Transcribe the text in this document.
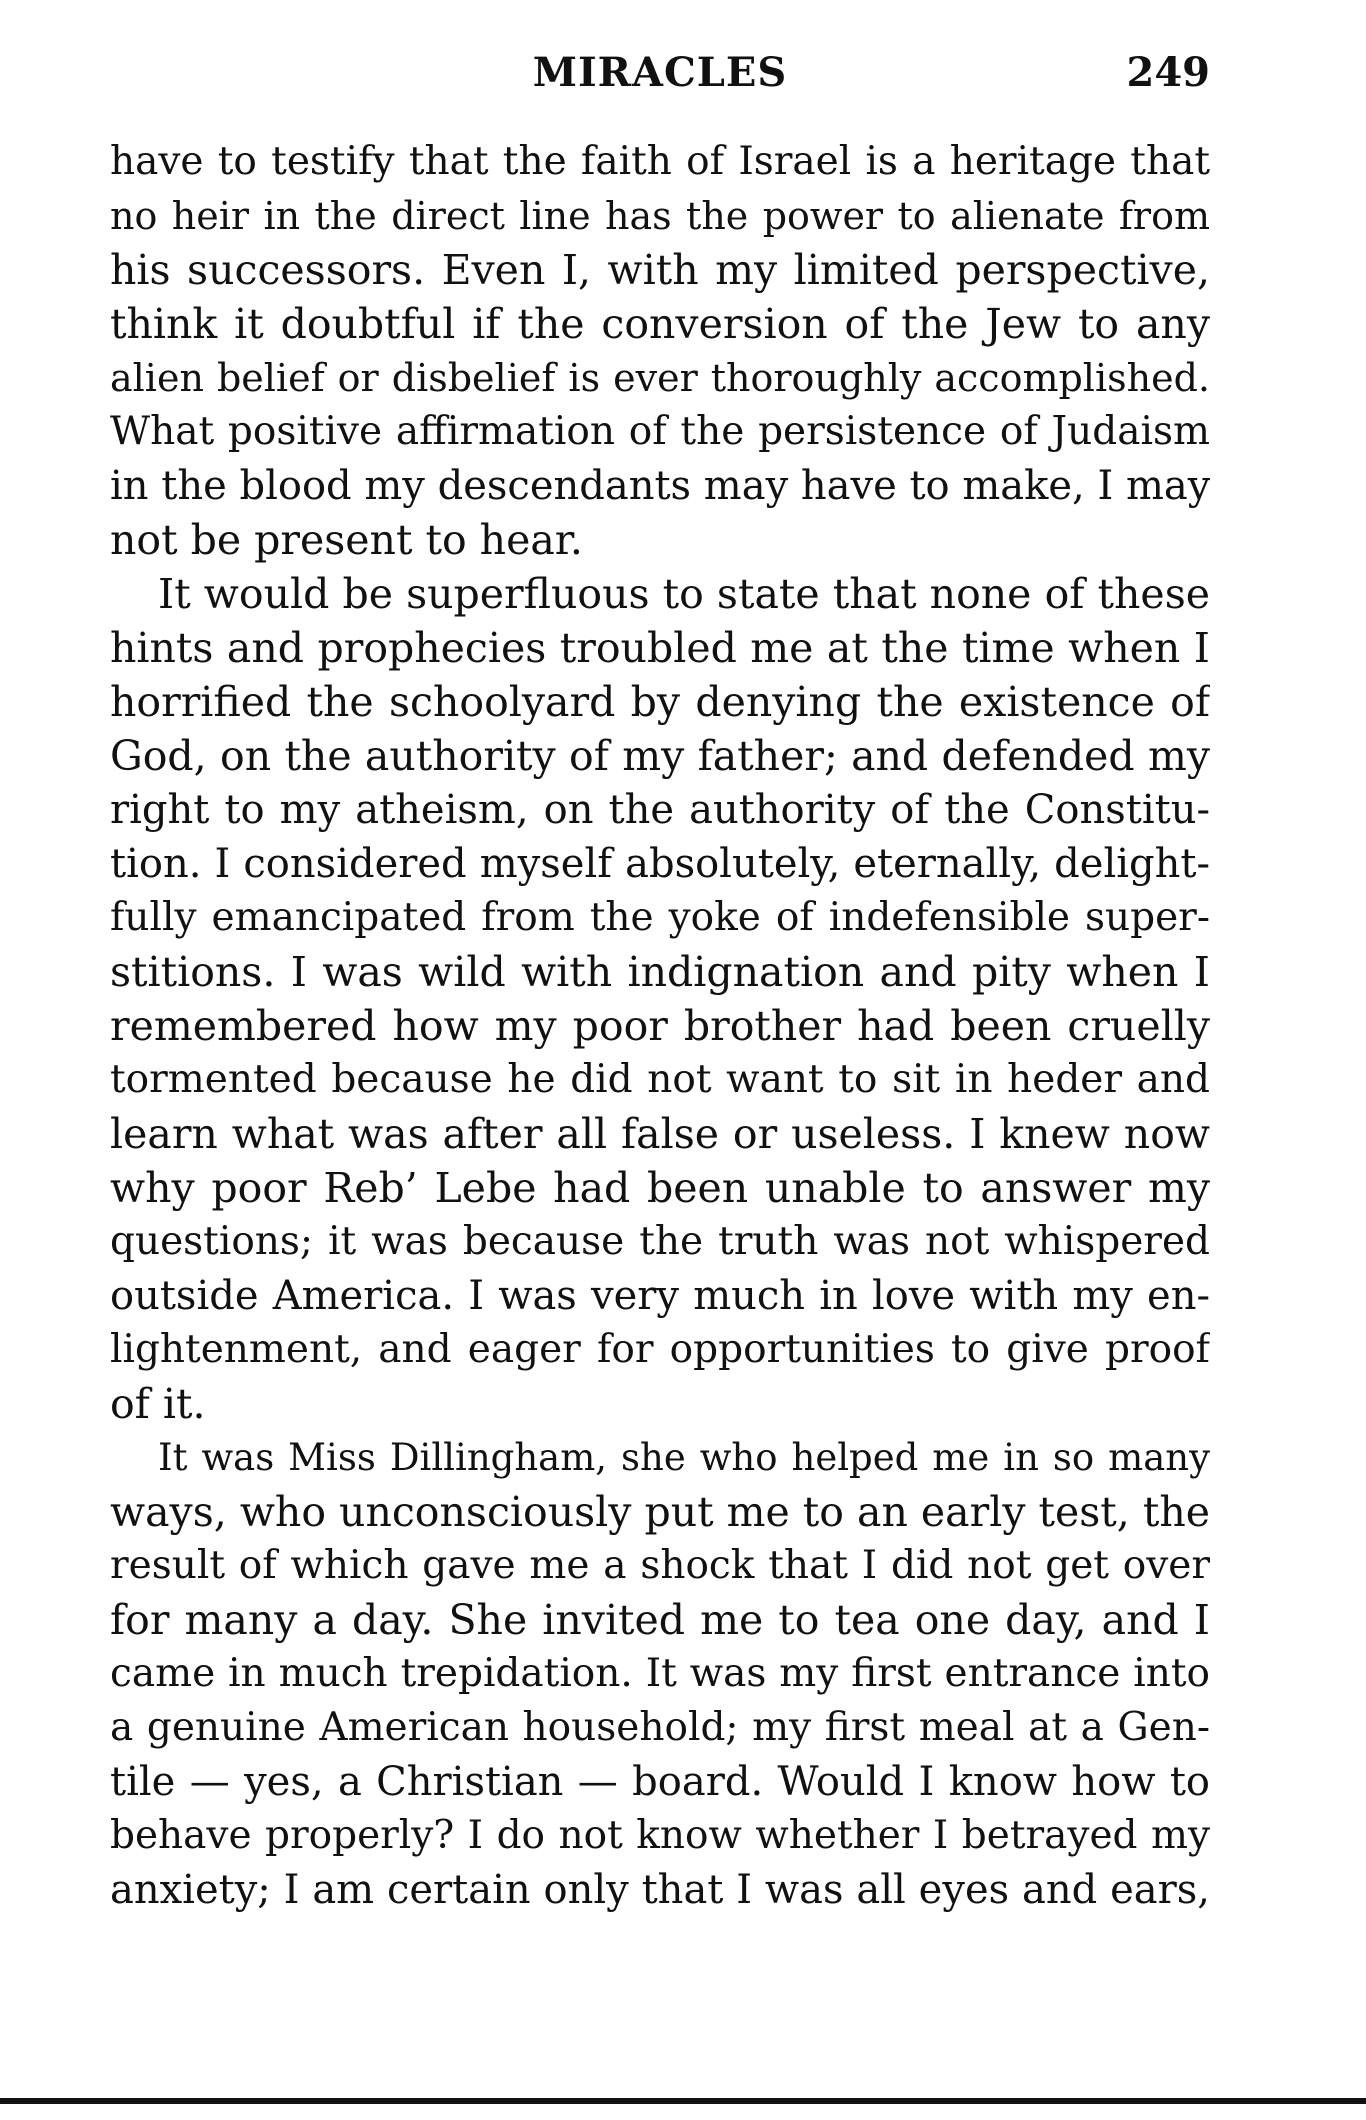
MIRACLES	249
have to testify that the faith of Israel is a heritage that
no heir in the direct line has the power to alienate from
his successors. Even I, with my limited perspective,
think it doubtful if the conversion of the Jew to any
alien belief or disbelief is ever thoroughly accomplished.
What positive affirmation of the persistence of Judaism
in the blood my descendants may have to make, I may
not be present to hear.
It would be superfluous to state that none of these
hints and prophecies troubled me at the time when I
horrified the schoolyard by denying the existence of
God, on the authority of my father; and defended my
right to my atheism, on the authority of the Constitu-
tion. I considered myself absolutely, eternally, delight-
fully emancipated from the yoke of indefensible super-
stitions. I was wild with indignation and pity when I
remembered how my poor brother had been cruelly
tormented because he did not want to sit in heder and
learn what was after all false or useless. I knew now
why poor Reb’ Lebe had been unable to answer my
questions; it was because the truth was not whispered
outside America. I was very much in love with my en-
lightenment, and eager for opportunities to give proof
of it.
It was Miss Dillingham, she who helped me in so many
ways, who unconsciously put me to an early test, the
result of which gave me a shock that I did not get over
for many a day. She invited me to tea one day, and I
came in much trepidation. It was my first entrance into
a genuine American household; my first meal at a Gen-
tile — yes, a Christian — board. Would I know how to
behave properly? I do not know whether I betrayed my
anxiety; I am certain only that I was all eyes and ears,
